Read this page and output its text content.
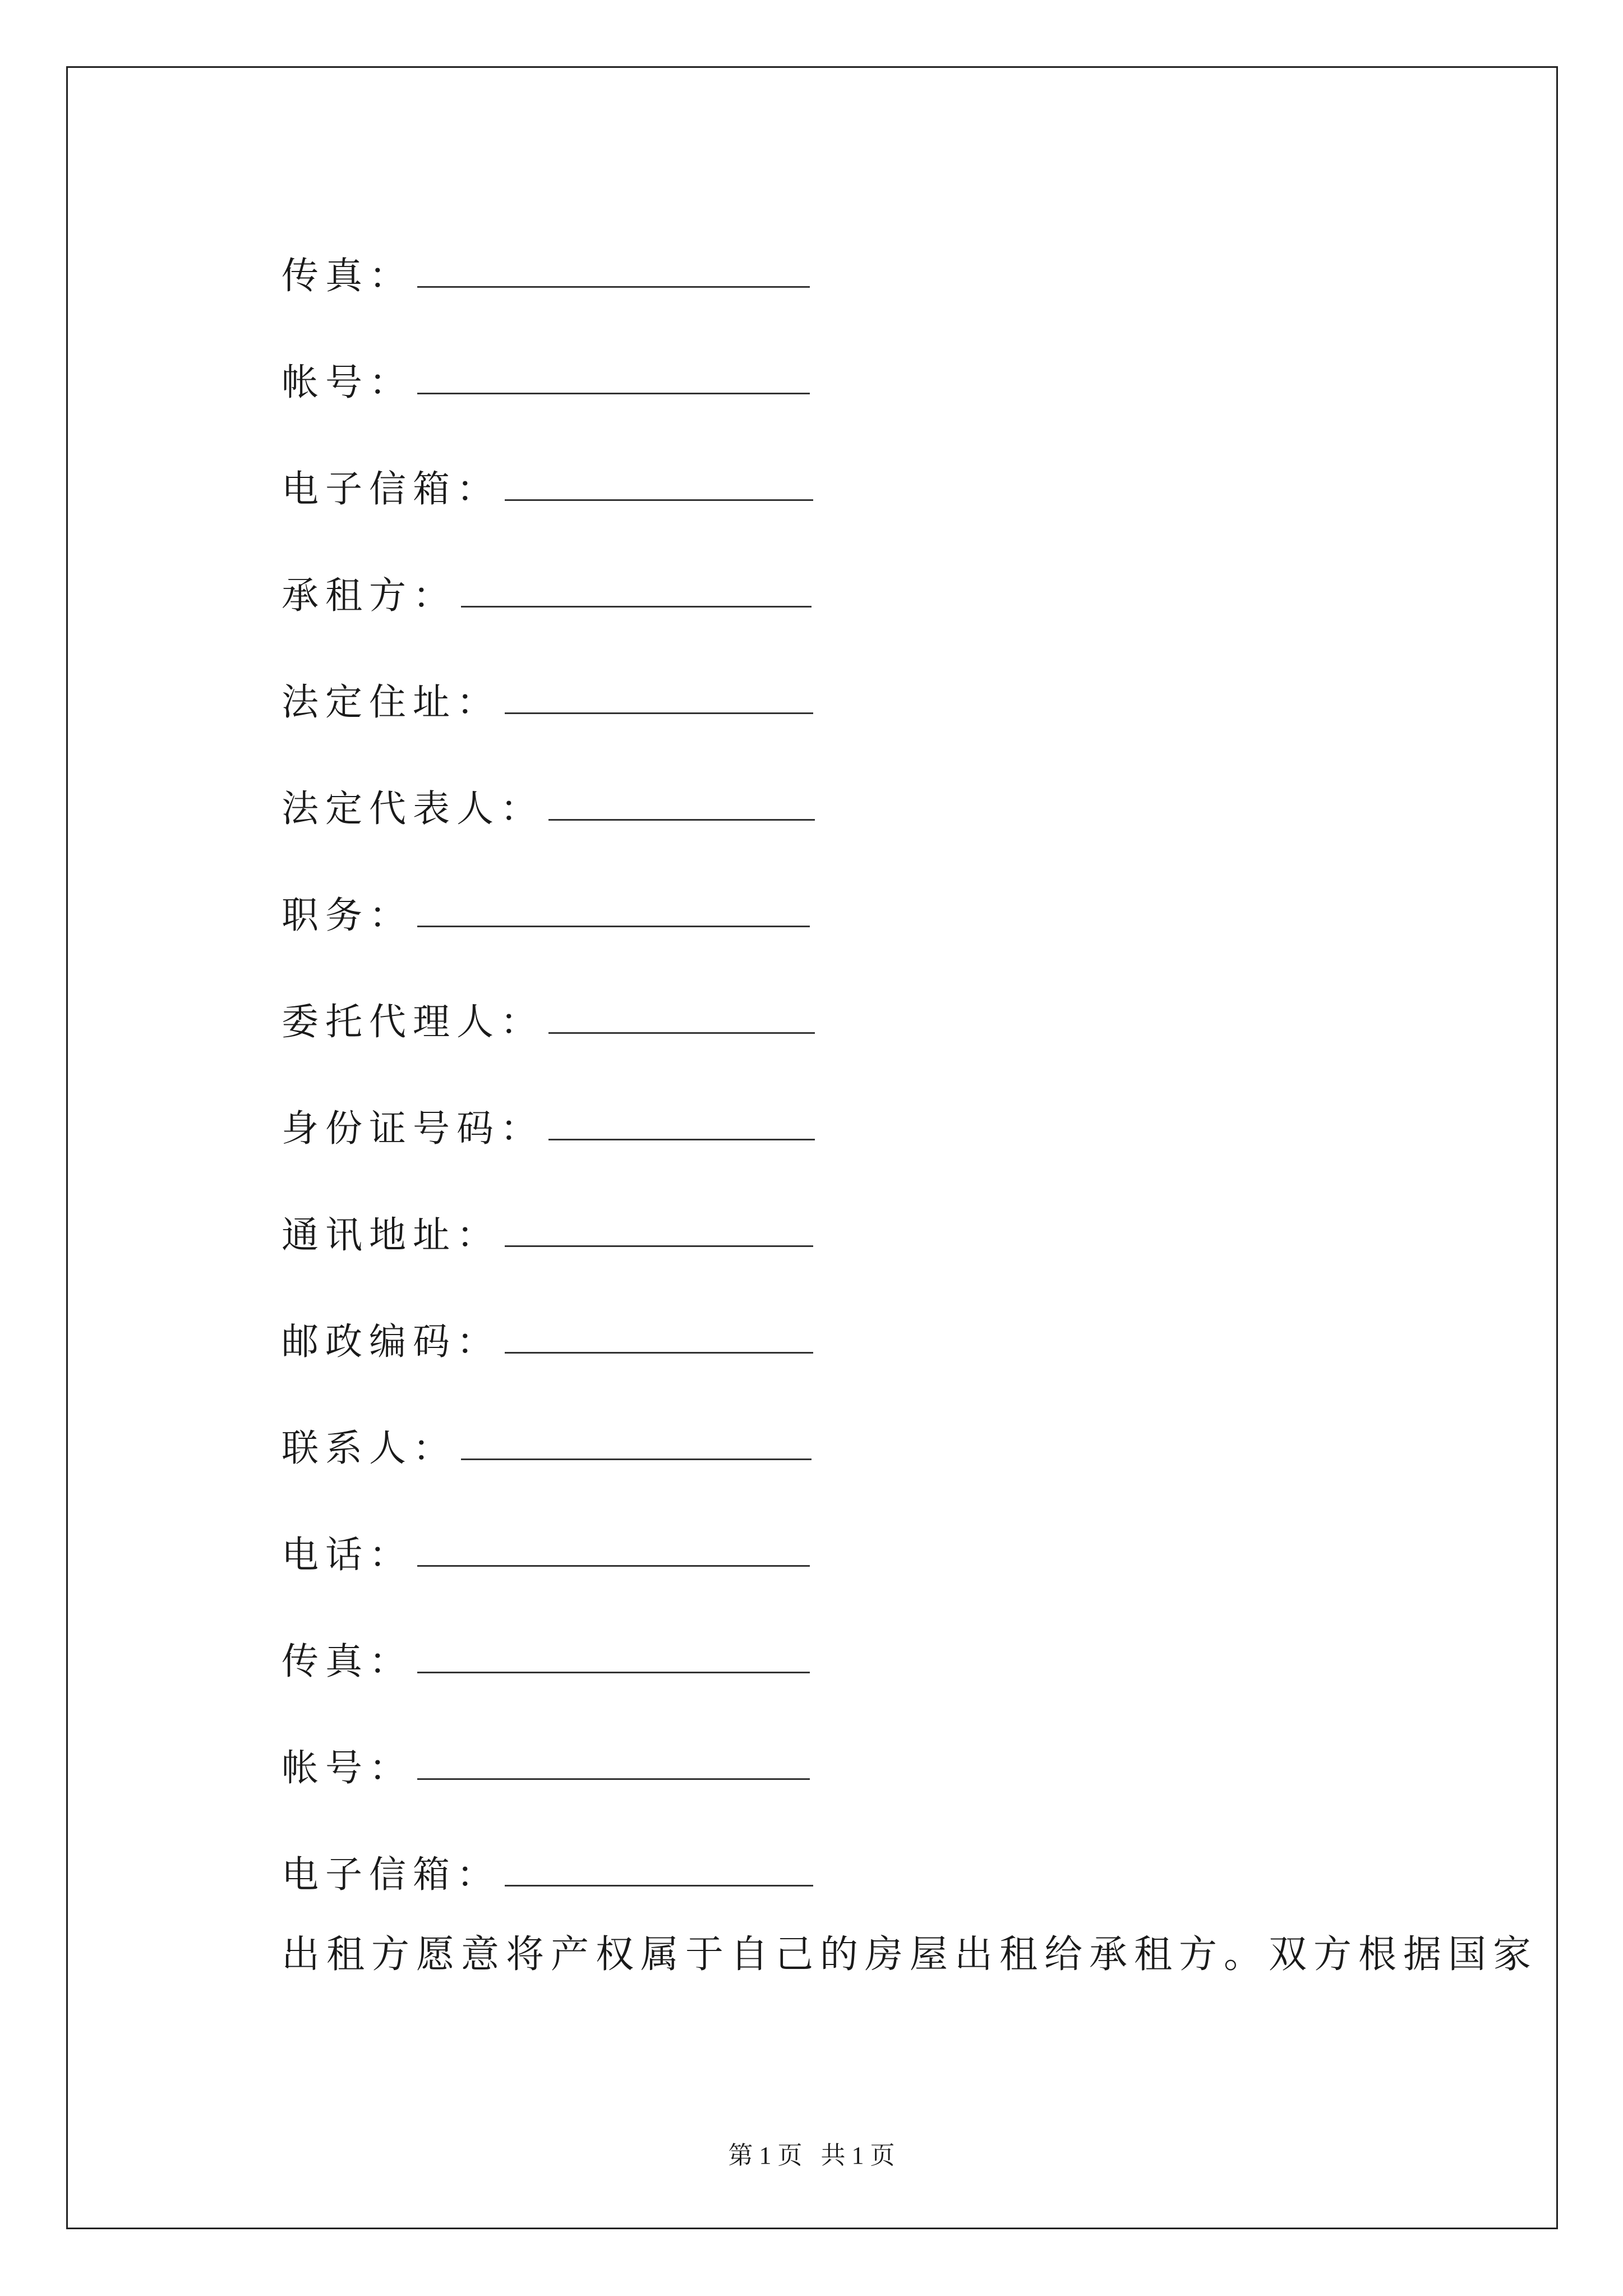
传真：
帐号：
电子信箱：
承租方：
法定住址：
法定代表人：
职务：
委托代理人：
身份证号码：
通讯地址：
邮政编码：
联系人：
电话：
传真：
帐号：
电子信箱：
出租方愿意将产权属于自己的房屋出租给承租方。双方根据国家
第 1 页 共 1 页
